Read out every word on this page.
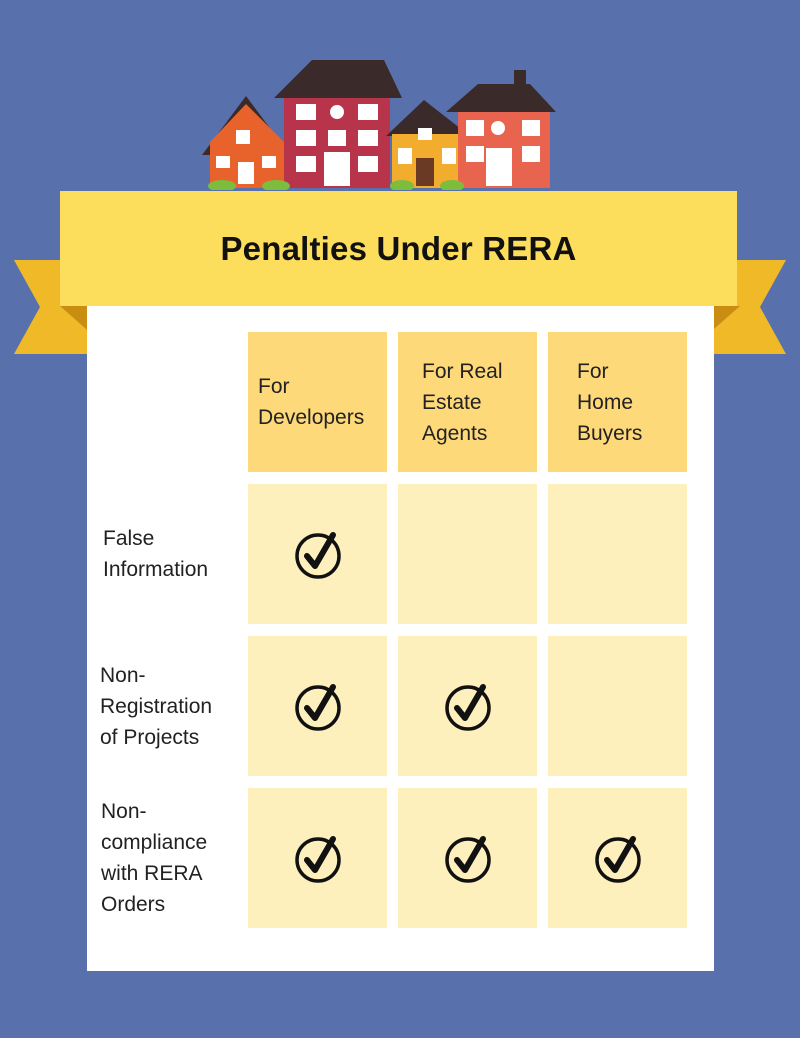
Penalties Under RERA
For
Developers
For Real
Estate
Agents
For
Home
Buyers
False
Information
Non-
Registration
of Projects
Non-
compliance
with RERA
Orders
